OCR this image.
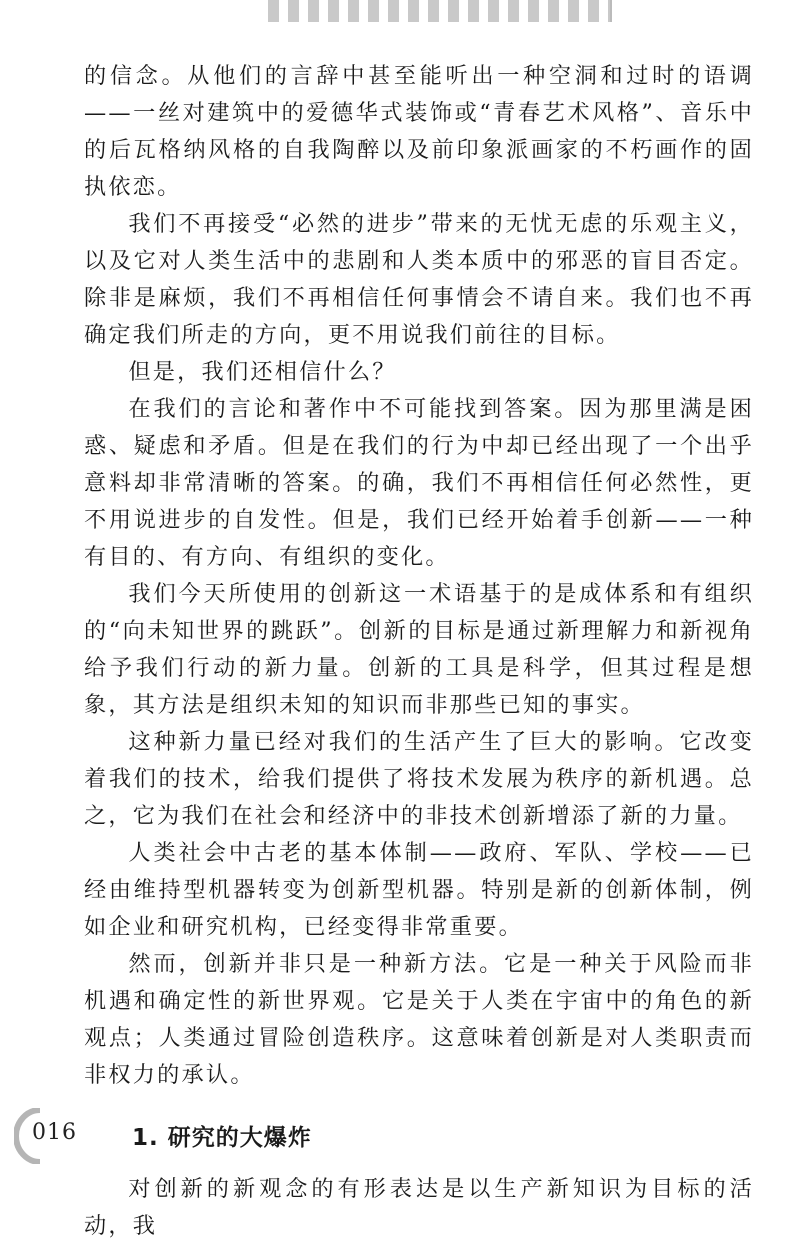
的信念。从他们的言辞中甚至能听出一种空洞和过时的语调——一丝对建筑中的爱德华式装饰或“青春艺术风格”、音乐中的后瓦格纳风格的自我陶醉以及前印象派画家的不朽画作的固执依恋。

我们不再接受“必然的进步”带来的无忧无虑的乐观主义，以及它对人类生活中的悲剧和人类本质中的邪恶的盲目否定。除非是麻烦，我们不再相信任何事情会不请自来。我们也不再确定我们所走的方向，更不用说我们前往的目标。

但是，我们还相信什么？

在我们的言论和著作中不可能找到答案。因为那里满是困惑、疑虑和矛盾。但是在我们的行为中却已经出现了一个出乎意料却非常清晰的答案。的确，我们不再相信任何必然性，更不用说进步的自发性。但是，我们已经开始着手创新——一种有目的、有方向、有组织的变化。

我们今天所使用的创新这一术语基于的是成体系和有组织的“向未知世界的跳跃”。创新的目标是通过新理解力和新视角给予我们行动的新力量。创新的工具是科学，但其过程是想象，其方法是组织未知的知识而非那些已知的事实。

这种新力量已经对我们的生活产生了巨大的影响。它改变着我们的技术，给我们提供了将技术发展为秩序的新机遇。总之，它为我们在社会和经济中的非技术创新增添了新的力量。

人类社会中古老的基本体制——政府、军队、学校——已经由维持型机器转变为创新型机器。特别是新的创新体制，例如企业和研究机构，已经变得非常重要。

然而，创新并非只是一种新方法。它是一种关于风险而非机遇和确定性的新世界观。它是关于人类在宇宙中的角色的新观点；人类通过冒险创造秩序。这意味着创新是对人类职责而非权力的承认。

1. 研究的大爆炸

对创新的新观念的有形表达是以生产新知识为目标的活动，我

016
